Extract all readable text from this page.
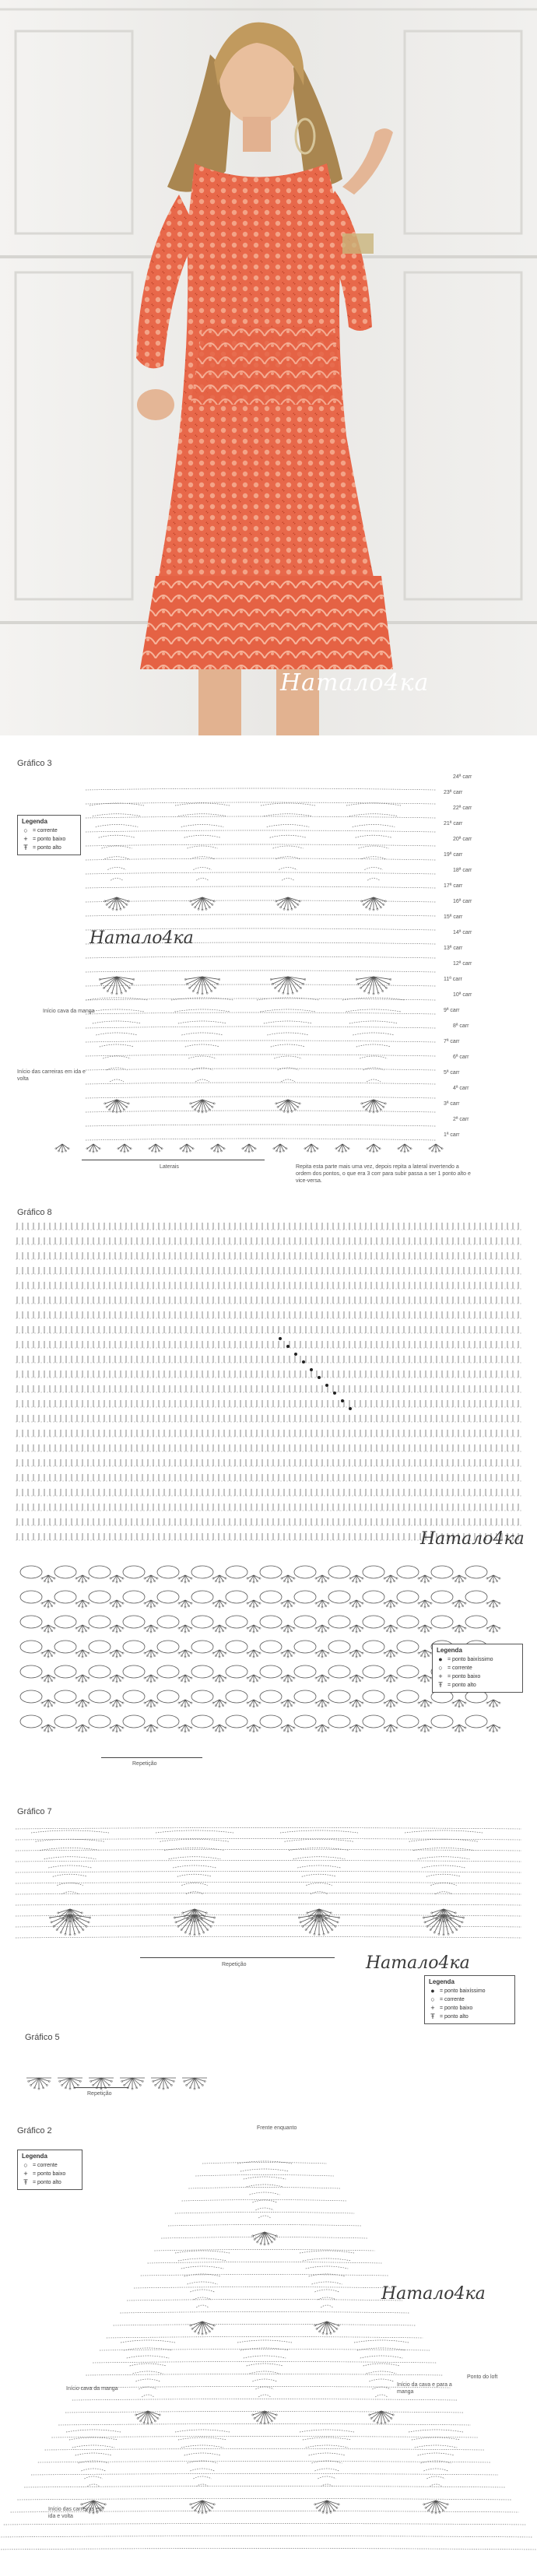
Натало4ка
Gráfico 3
Legenda
○ = corrente
+ = ponto baixo
Ŧ = ponto alto
Натало4ка
Início cava da manga
Início das carreiras em ida e volta
24ª carr
23ª carr
22ª carr
21ª carr
20ª carr
19ª carr
18ª carr
17ª carr
16ª carr
15ª carr
14ª carr
13ª carr
12ª carr
11ª carr
10ª carr
9ª carr
8ª carr
7ª carr
6ª carr
5ª carr
4ª carr
3ª carr
2ª carr
1ª carr
Laterais	Repita esta parte mais uma vez, depois repita a lateral invertendo a ordem dos pontos, o que era 3 corr para subir passa a ser 1 ponto alto e vice-versa.
Gráfico 8
Натало4ка
Legenda
● = ponto baixíssimo
○ = corrente
+ = ponto baixo
Ŧ = ponto alto
Repetição
Gráfico 7
Repetição	Натало4ка
Legenda
● = ponto baixíssimo
○ = corrente
+ = ponto baixo
Ŧ = ponto alto
Gráfico 5
Repetição
Gráfico 2	Frente enquanto
Legenda
○ = corrente
+ = ponto baixo
Ŧ = ponto alto
Натало4ка
Início cava da manga
Início das carreiras em ida e volta
Início da cava e para a manga
Ponto do loft
